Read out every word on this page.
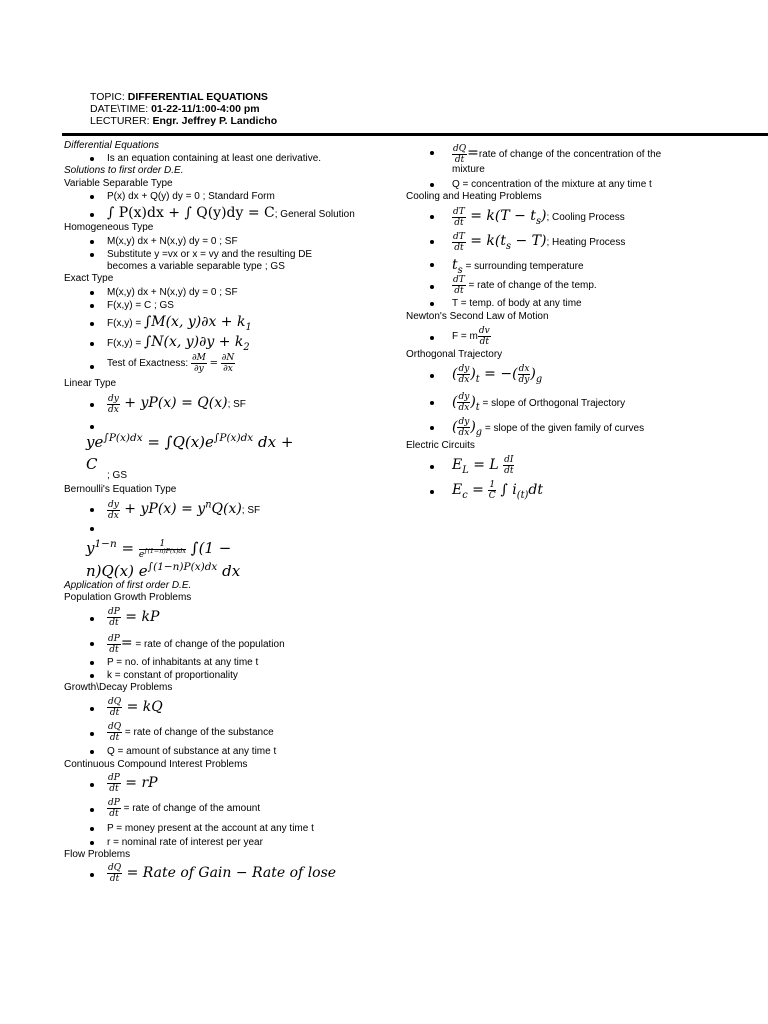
TOPIC: DIFFERENTIAL EQUATIONS
DATE\TIME: 01-22-11/1:00-4:00 pm
LECTURER: Engr. Jeffrey P. Landicho
Differential Equations
Is an equation containing at least one derivative.
Solutions to first order D.E.
Variable Separable Type
P(x) dx + Q(y) dy = 0 ; Standard Form
∫ P(x)dx + ∫ Q(y)dy = C; General Solution
Homogeneous Type
M(x,y) dx + N(x,y) dy = 0 ; SF
Substitute y =vx or x = vy and the resulting DE
becomes a variable separable type ; GS
Exact Type
M(x,y) dx + N(x,y) dy = 0 ; SF
F(x,y) = C ; GS
F(x,y) = ∫M(x, $y)\partial x + k_1$
F(x,y) = ∫N(x, $y)\partial y + k_2$
Test of Exactness: $\frac{\partial M}{\partial y} = \frac{\partial N}{\partial x}$
Linear Type
$\frac{dy}{dx} + yP(x) = Q(x)$; SF
$ye^{\int P(x)dx} = \int Q(x)e^{\int P(x)dx}$ dx +
C
; GS
Bernoulli's Equation Type
$\frac{dy}{dx} + yP(x) = y^nQ(x)$; SF
$y^{1-n} = \frac{1}{e^{\int(1-n)P(x)dx}} \int(1$ −
n)Q(x) $e^{\int(1-n)P(x)dx}$ dx
Application of first order D.E.
Population Growth Problems
$\frac{dP}{dt}$ = kP
$\frac{dP}{dt}$ = = rate of change of the population
P = no. of inhabitants at any time t
k = constant of proportionality
Growth\Decay Problems
$\frac{dQ}{dt}$ = kQ
$\frac{dQ}{dt}$ = rate of change of the substance
Q = amount of substance at any time t
Continuous Compound Interest Problems
$\frac{dP}{dt}$ = rP
$\frac{dP}{dt}$ = rate of change of the amount
P = money present at the account at any time t
r = nominal rate of interest per year
Flow Problems
$\frac{dQ}{dt}$ = Rate of Gain − Rate of lose
$\frac{dQ}{dt}$ =rate of change of the concentration of the
mixture
Q = concentration of the mixture at any time t
Cooling and Heating Problems
$\frac{dT}{dt} = k(T - t_s)$; Cooling Process
$\frac{dT}{dt} = k(t_s - T)$; Heating Process
$t_s$ = surrounding temperature
$\frac{dT}{dt}$ = rate of change of the temp.
T = temp. of body at any time
Newton's Second Law of Motion
F = m $\frac{dv}{dt}$
Orthogonal Trajectory
( $\frac{dy}{dx} )_t$ = −( $\frac{dx}{dy} )_g$
( $\frac{dy}{dx} )_t$ = slope of Orthogonal Trajectory
( $\frac{dy}{dx} )_g$ = slope of the given family of curves
Electric Circuits
$E_L = L \frac{dI}{dt}$
$E_c = \frac{1}{C}$ ∫ $i_{(t)}dt$
